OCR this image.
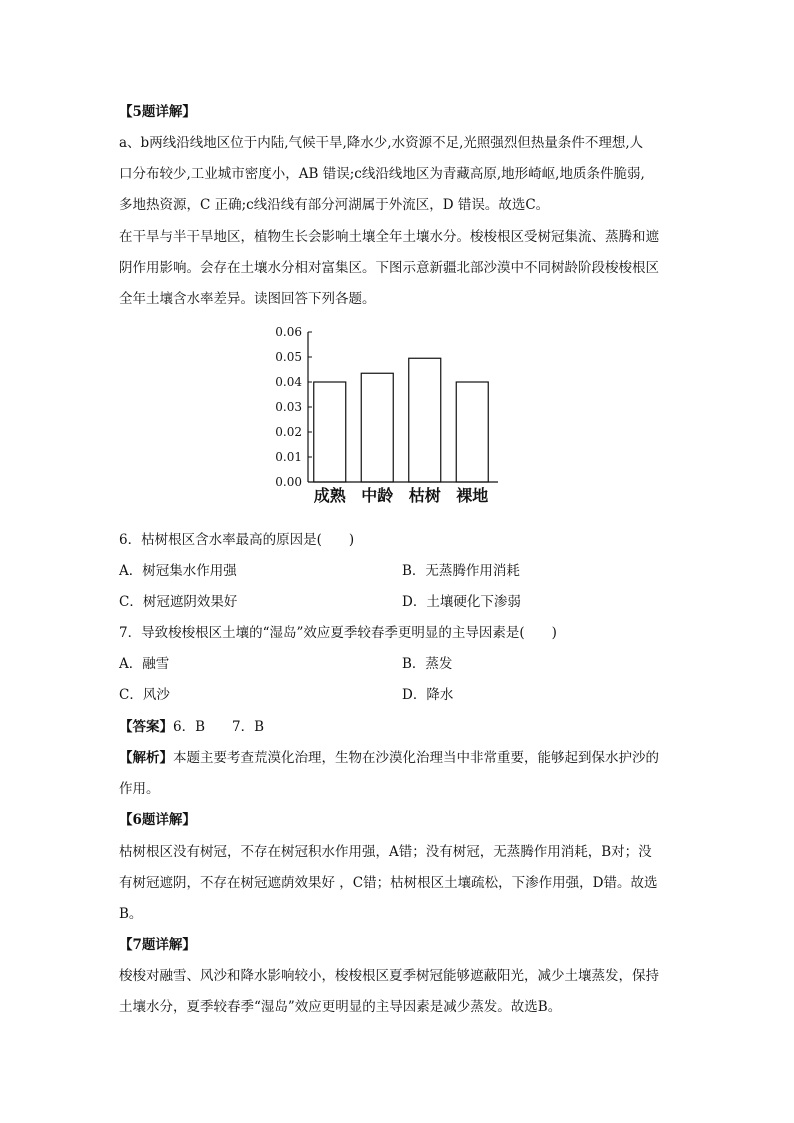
【5题详解】
a、b两线沿线地区位于内陆,气候干旱,降水少,水资源不足,光照强烈但热量条件不理想,人
口分布较少,工业城市密度小，AB 错误;c线沿线地区为青藏高原,地形崎岖,地质条件脆弱,
多地热资源，C 正确;c线沿线有部分河湖属于外流区，D 错误。故选C。
在干旱与半干旱地区，植物生长会影响土壤全年土壤水分。梭梭根区受树冠集流、蒸腾和遮
阴作用影响。会存在土壤水分相对富集区。下图示意新疆北部沙漠中不同树龄阶段梭梭根区
全年土壤含水率差异。读图回答下列各题。
0.00
0.01
0.02
0.03
0.04
0.05
0.06
成熟 中龄 枯树 裸地
6．枯树根区含水率最高的原因是(　　)
A．树冠集水作用强	B．无蒸腾作用消耗
C．树冠遮阴效果好	D．土壤硬化下渗弱
7．导致梭梭根区土壤的“湿岛”效应夏季较春季更明显的主导因素是(　　)
A．融雪	B．蒸发
C．风沙	D．降水
【答案】6．B　　7．B
【解析】本题主要考查荒漠化治理，生物在沙漠化治理当中非常重要，能够起到保水护沙的
作用。
【6题详解】
枯树根区没有树冠，不存在树冠积水作用强，A错；没有树冠，无蒸腾作用消耗，B对；没
有树冠遮阴，不存在树冠遮荫效果好 ，C错；枯树根区土壤疏松，下渗作用强，D错。故选
B。
【7题详解】
梭梭对融雪、风沙和降水影响较小，梭梭根区夏季树冠能够遮蔽阳光，减少土壤蒸发，保持
土壤水分，夏季较春季“湿岛”效应更明显的主导因素是减少蒸发。故选B。
